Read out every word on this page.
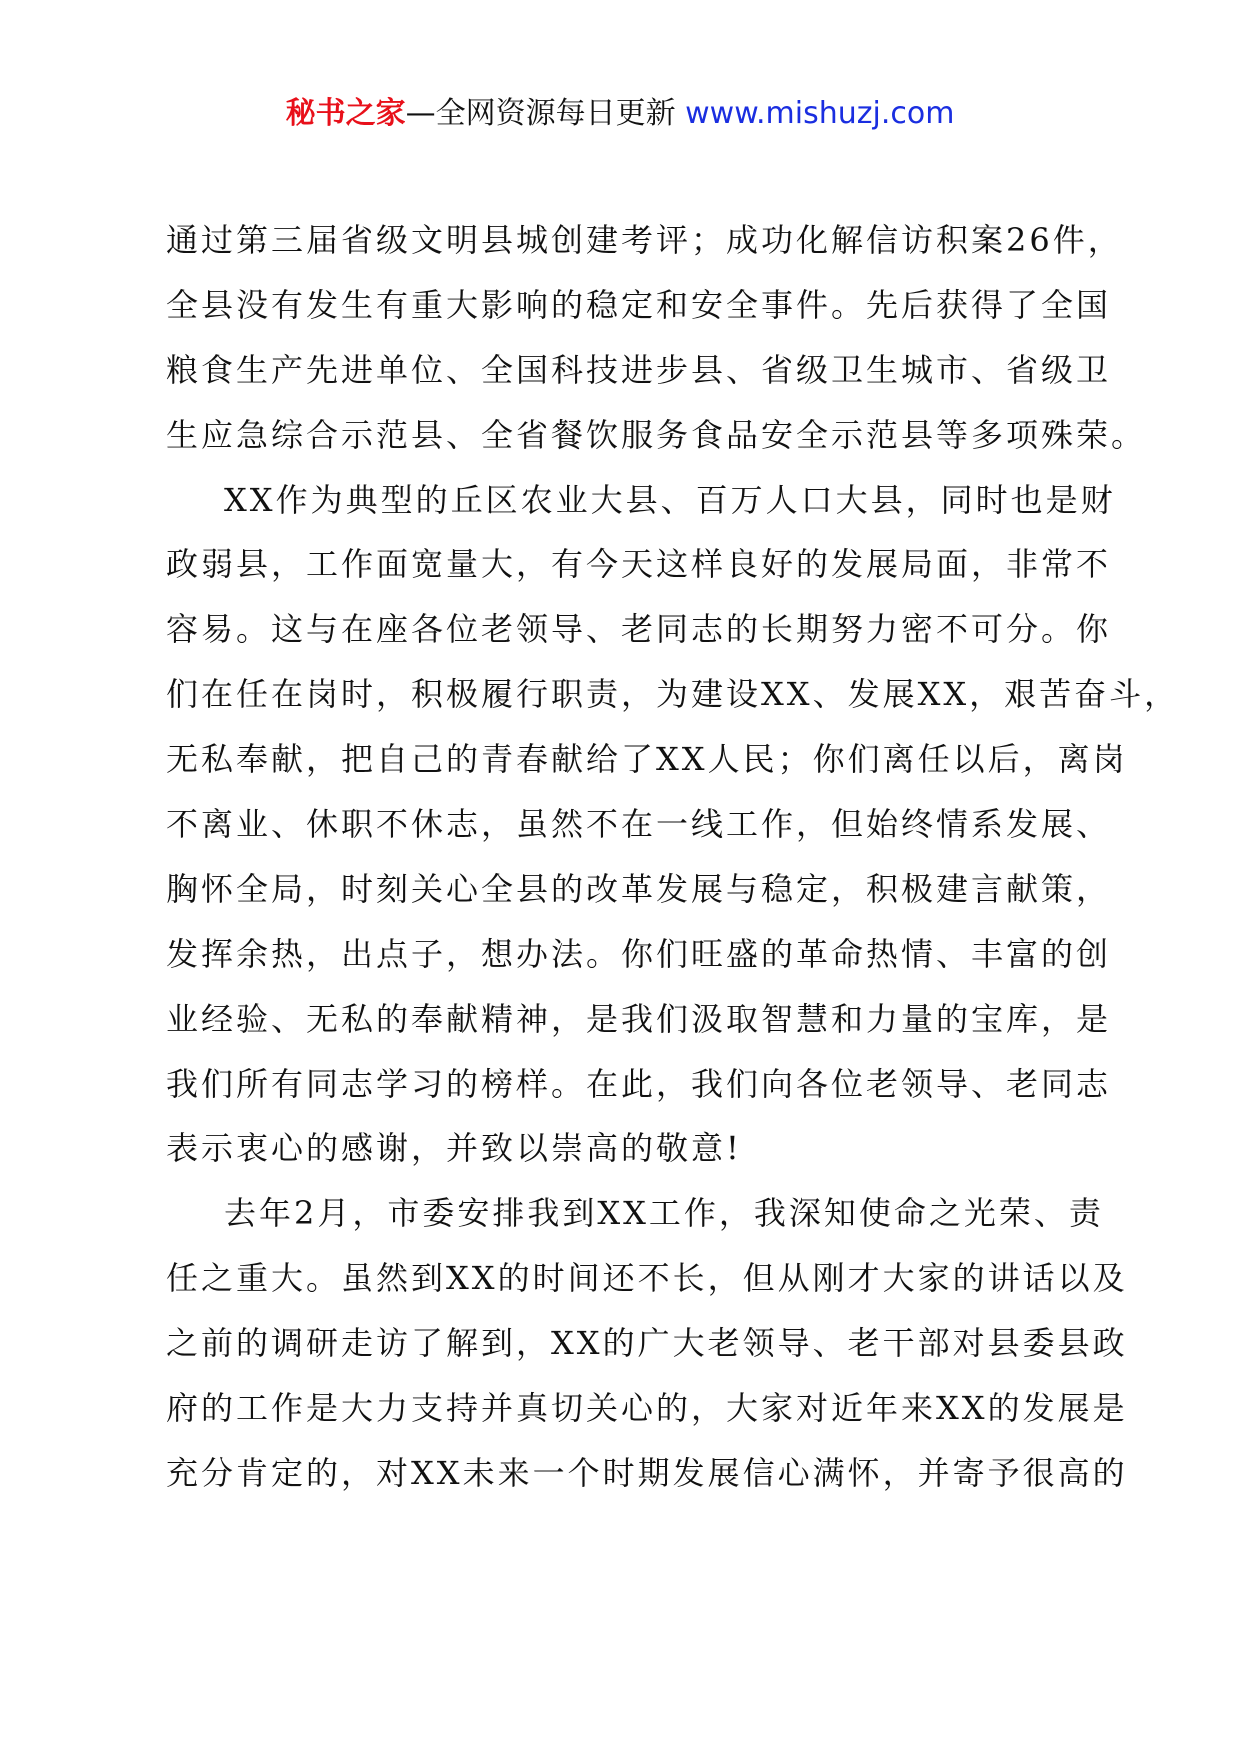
秘书之家—全网资源每日更新 www.mishuzj.com
通过第三届省级文明县城创建考评；成功化解信访积案26件，
全县没有发生有重大影响的稳定和安全事件。先后获得了全国
粮食生产先进单位、全国科技进步县、省级卫生城市、省级卫
生应急综合示范县、全省餐饮服务食品安全示范县等多项殊荣。
XX作为典型的丘区农业大县、百万人口大县，同时也是财
政弱县，工作面宽量大，有今天这样良好的发展局面，非常不
容易。这与在座各位老领导、老同志的长期努力密不可分。你
们在任在岗时，积极履行职责，为建设XX、发展XX，艰苦奋斗，
无私奉献，把自己的青春献给了XX人民；你们离任以后，离岗
不离业、休职不休志，虽然不在一线工作，但始终情系发展、
胸怀全局，时刻关心全县的改革发展与稳定，积极建言献策，
发挥余热，出点子，想办法。你们旺盛的革命热情、丰富的创
业经验、无私的奉献精神，是我们汲取智慧和力量的宝库，是
我们所有同志学习的榜样。在此，我们向各位老领导、老同志
表示衷心的感谢，并致以崇高的敬意!
去年2月，市委安排我到XX工作，我深知使命之光荣、责
任之重大。虽然到XX的时间还不长，但从刚才大家的讲话以及
之前的调研走访了解到，XX的广大老领导、老干部对县委县政
府的工作是大力支持并真切关心的，大家对近年来XX的发展是
充分肯定的，对XX未来一个时期发展信心满怀，并寄予很高的
